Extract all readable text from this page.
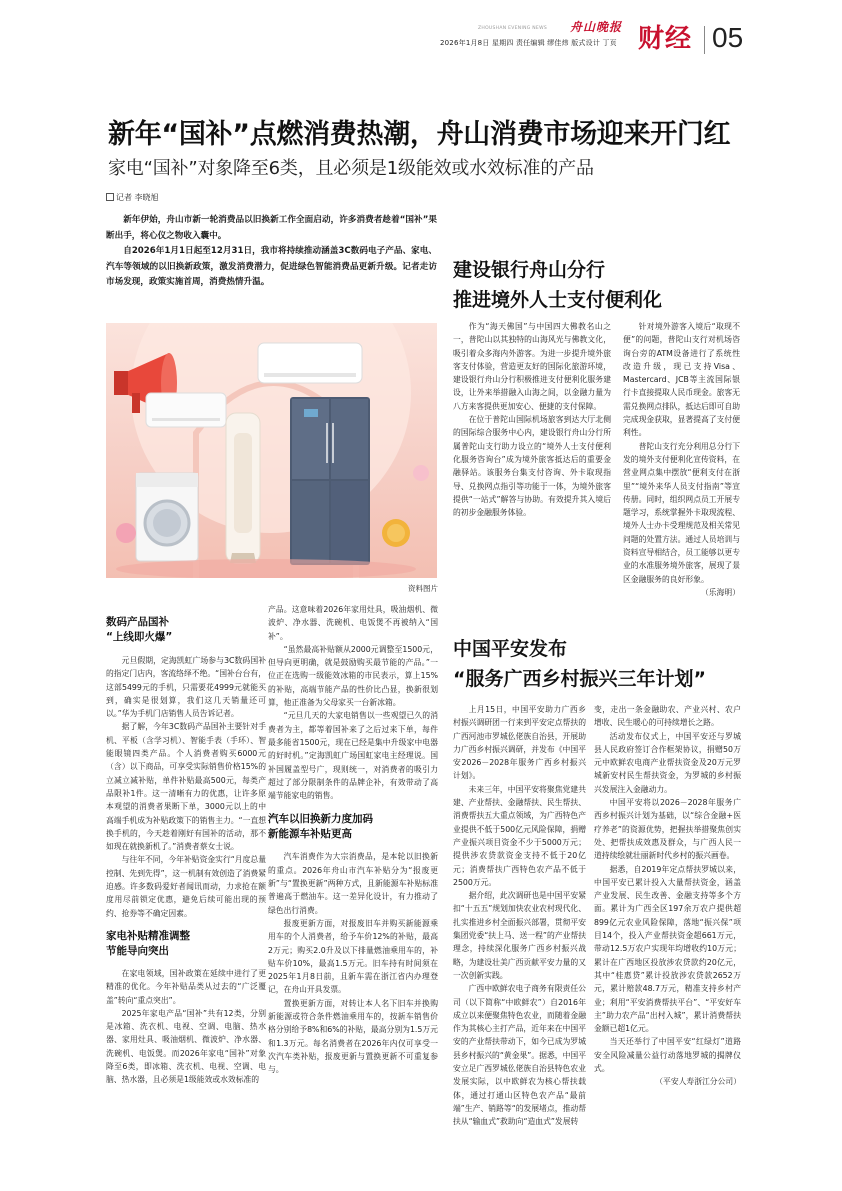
ZHOUSHAN EVENING NEWS	舟山晚报
2026年1月8日 星期四 责任编辑 缪佳炜 版式设计 丁页 财经 05
新年“国补”点燃消费热潮，舟山消费市场迎来开门红
家电“国补”对象降至6类，且必须是1级能效或水效标准的产品
记者 李晓旭

新年伊始，舟山市新一轮消费品以旧换新工作全面启动，许多消费者趁着“国补”果断出手，将心仪之物收入囊中。

自2026年1月1日起至12月31日，我市将持续推动涵盖3C数码电子产品、家电、汽车等领域的以旧换新政策，激发消费潜力，促进绿色智能消费品更新升级。记者走访市场发现，政策实施首周，消费热情升温。

资料图片
数码产品国补
“上线即火爆”

元旦假期，定海凯虹广场参与3C数码国补的指定门店内，客流络绎不绝。“国补台台有，这部5499元的手机，只需要花4999元就能买到，确实是很划算，我们这几天销量还可以。”华为手机门店销售人员告诉记者。

据了解，今年3C数码产品国补主要针对手机、平板（含学习机）、智能手表（手环）、智能眼镜四类产品。个人消费者购买6000元（含）以下商品，可享受实际销售价格15%的立减立减补贴，单件补贴最高500元，每类产品限补1件。这一清晰有力的优惠，让许多原本观望的消费者果断下单，3000元以上的中高端手机成为补贴政策下的销售主力。“一直想换手机的，今天趁着刚好有国补的活动，那不如现在就换新机了。”消费者蔡女士说。

与往年不同，今年补贴资金实行“月度总量控制、先到先得”，这一机制有效创造了消费紧迫感。许多数码爱好者闻讯而动，力求抢在额度用尽前锁定优惠，避免后续可能出现的预约、抢券等不确定因素。

家电补贴精准调整
节能导向突出

在家电领域，国补政策在延续中进行了更精准的优化。今年补贴品类从过去的“广泛覆盖”转向“重点突出”。

2025年家电产品“国补”共有12类，分别是冰箱、洗衣机、电视、空调、电脑、热水器、家用灶具、吸油烟机、微波炉、净水器、洗碗机、电饭煲。而2026年家电“国补”对象降至6类，即冰箱、洗衣机、电视、空调、电脑、热水器，且必须是1级能效或水效标准的

产品。这意味着2026年家用灶具，吸油烟机、微波炉、净水器、洗碗机、电饭煲不再被纳入“国补”。

“虽然最高补贴额从2000元调整至1500元，但导向更明确，就是鼓励购买最节能的产品。”一位正在选购一级能效冰箱的市民表示，算上15%的补贴，高端节能产品的性价比凸显，换新很划算，他正准备为父母家买一台新冰箱。

“元旦几天的大家电销售以一些观望已久的消费者为主，都等着国补来了之后过来下单，每件最多能省1500元，现在已经是集中升级家中电器的好时机。”定海凯虹广场国虹家电主经理说。国补国履盖型号广，现则统一，对消费者的吸引力超过了部分限制条件的品牌企补，有效带动了高端节能家电的销售。

汽车以旧换新力度加码
新能源车补贴更高

汽车消费作为大宗消费品，是本轮以旧换新的重点。2026年舟山市汽车补贴分为“报废更新”与“置换更新”两种方式，且新能源车补贴标准普遍高于燃油车。这一差异化设计，有力推动了绿色出行消费。

报废更新方面，对报废旧车并购买新能源乘用车的个人消费者，给予车价12%的补贴，最高2万元；购买2.0升及以下排量燃油乘用车的，补贴车价10%，最高1.5万元。旧车持有时间须在2025年1月8日前，且新车需在浙江省内办理登记，在舟山开具发票。

置换更新方面，对转让本人名下旧车并换购新能源或符合条件燃油乘用车的，按新车销售价格分别给予8%和6%的补贴，最高分别为1.5万元和1.3万元。每名消费者在2026年内仅可享受一次汽车类补贴，报废更新与置换更新不可重复参与。

建设银行舟山分行
推进境外人士支付便利化

作为“海天佛国”与中国四大佛教名山之一，普陀山以其独特的山海风光与佛教文化，吸引着众多海内外游客。为进一步提升境外旅客支付体验，营造更友好的国际化旅游环境，建设银行舟山分行积极推进支付便利化服务建设，让外来举措融入山海之间，以金融力量为八方来客提供更加安心、便捷的支付保障。

在位于普陀山国际机场旅客到达大厅北侧的国际综合服务中心内，建设银行舟山分行所属普陀山支行助力设立的“境外人士支付便利化服务咨询台”成为境外旅客抵达后的重要金融驿站。该服务台集支付咨询、外卡取现指导、兑换网点指引等功能于一体，为境外旅客提供“一站式”解答与协助。有效提升其入境后的初步金融服务体验。

针对境外游客入境后“取现不便”的问题，普陀山支行对机场咨询台旁的ATM设备进行了系统性改造升级，现已支持Visa、Mastercard、JCB等主流国际银行卡直接提取人民币现金。旅客无需兑换网点排队，抵达后即可自助完成现金获取，显著提高了支付便利性。

普陀山支行充分利用总分行下发的境外支付便利化宣传资料，在营业网点集中摆放“便利支付在浙里”“境外来华人员支付指南”等宣传册。同时，组织网点员工开展专题学习，系统掌握外卡取现流程、境外人士办卡受理规范及相关常见问题的处置方法。通过人员培训与资料宣导相结合，员工能够以更专业的水准服务境外旅客，展现了景区金融服务的良好形象。

（乐海明）
中国平安发布
“服务广西乡村振兴三年计划”

上月15日，中国平安助力广西乡村振兴调研团一行来到平安定点帮扶的广西河池市罗城仫佬族自治县，开展助力广西乡村振兴调研，并发布《中国平安2026－2028年服务广西乡村振兴计划》。

未来三年，中国平安将聚焦党建共建、产业帮扶、金融帮扶、民生帮扶、消费帮扶五大重点领域，为广西特色产业提供不低于500亿元风险保障，捐赠产业振兴项目资金不少于5000万元；提供涉农贷款资金支持不低于20亿元；消费帮扶广西特色农产品不低于2500万元。

据介绍，此次调研也是中国平安紧扣“十五五”规划加快农业农村现代化、扎实推进乡村全面振兴部署，贯彻平安集团党委“扶上马、送一程”的产业帮扶理念，持续深化服务广西乡村振兴战略，为建设壮美广西贡献平安力量的又一次创新实践。

广西中欧鲜农电子商务有限责任公司（以下简称“中欧鲜农”）自2016年成立以来便聚焦特色农业，而随着金融作为其核心主打产品，近年来在中国平安的产业帮扶带动下，如今已成为罗城县乡村振兴的“黄金果”。据悉，中国平安立足广西罗城仫佬族自治县特色农业发展实际，以中欧鲜农为核心帮扶载体，通过打通山区特色农产品“最前端”生产、销路等“的发展堵点，推动帮扶从“输血式”救助向“造血式”发展转

变，走出一条金融助农、产业兴村、农户增收、民生暖心的可持续增长之路。

活动发布仪式上，中国平安还与罗城县人民政府签订合作框架协议，捐赠50万元中欧鲜农电商产业帮扶资金及20万元罗城新安村民生帮扶资金，为罗城的乡村振兴发展注入金融动力。

中国平安将以2026－2028年服务广西乡村振兴计划为基础，以“综合金融+医疗养老”的资源优势，把握扶举措聚焦创实处、把帮扶成效惠及群众，与广西人民一道持续绘就壮丽新时代乡村的振兴画卷。

据悉，自2019年定点帮扶罗城以来，中国平安已累计投入大量帮扶资金，涵盖产业发展、民生改善、金融支持等多个方面。累计为广西全区197余万农户提供超899亿元农业风险保障，落地“振兴保”项目14个，投入产业帮扶资金超661万元，带动12.5万农户实现年均增收约10万元；累计在广西地区投放涉农贷款约20亿元，其中“桂惠贷”累计投放涉农贷款2652万元，累计赔款48.7万元，精准支持乡村产业；利用“平安消费帮扶平台”、“平安好车主”助力农产品“出村入城”，累计消费帮扶金额已超1亿元。

当天还举行了中国平安“红绿灯”道路安全风险减量公益行动落地罗城的揭牌仪式。

（平安人寿浙江分公司）
